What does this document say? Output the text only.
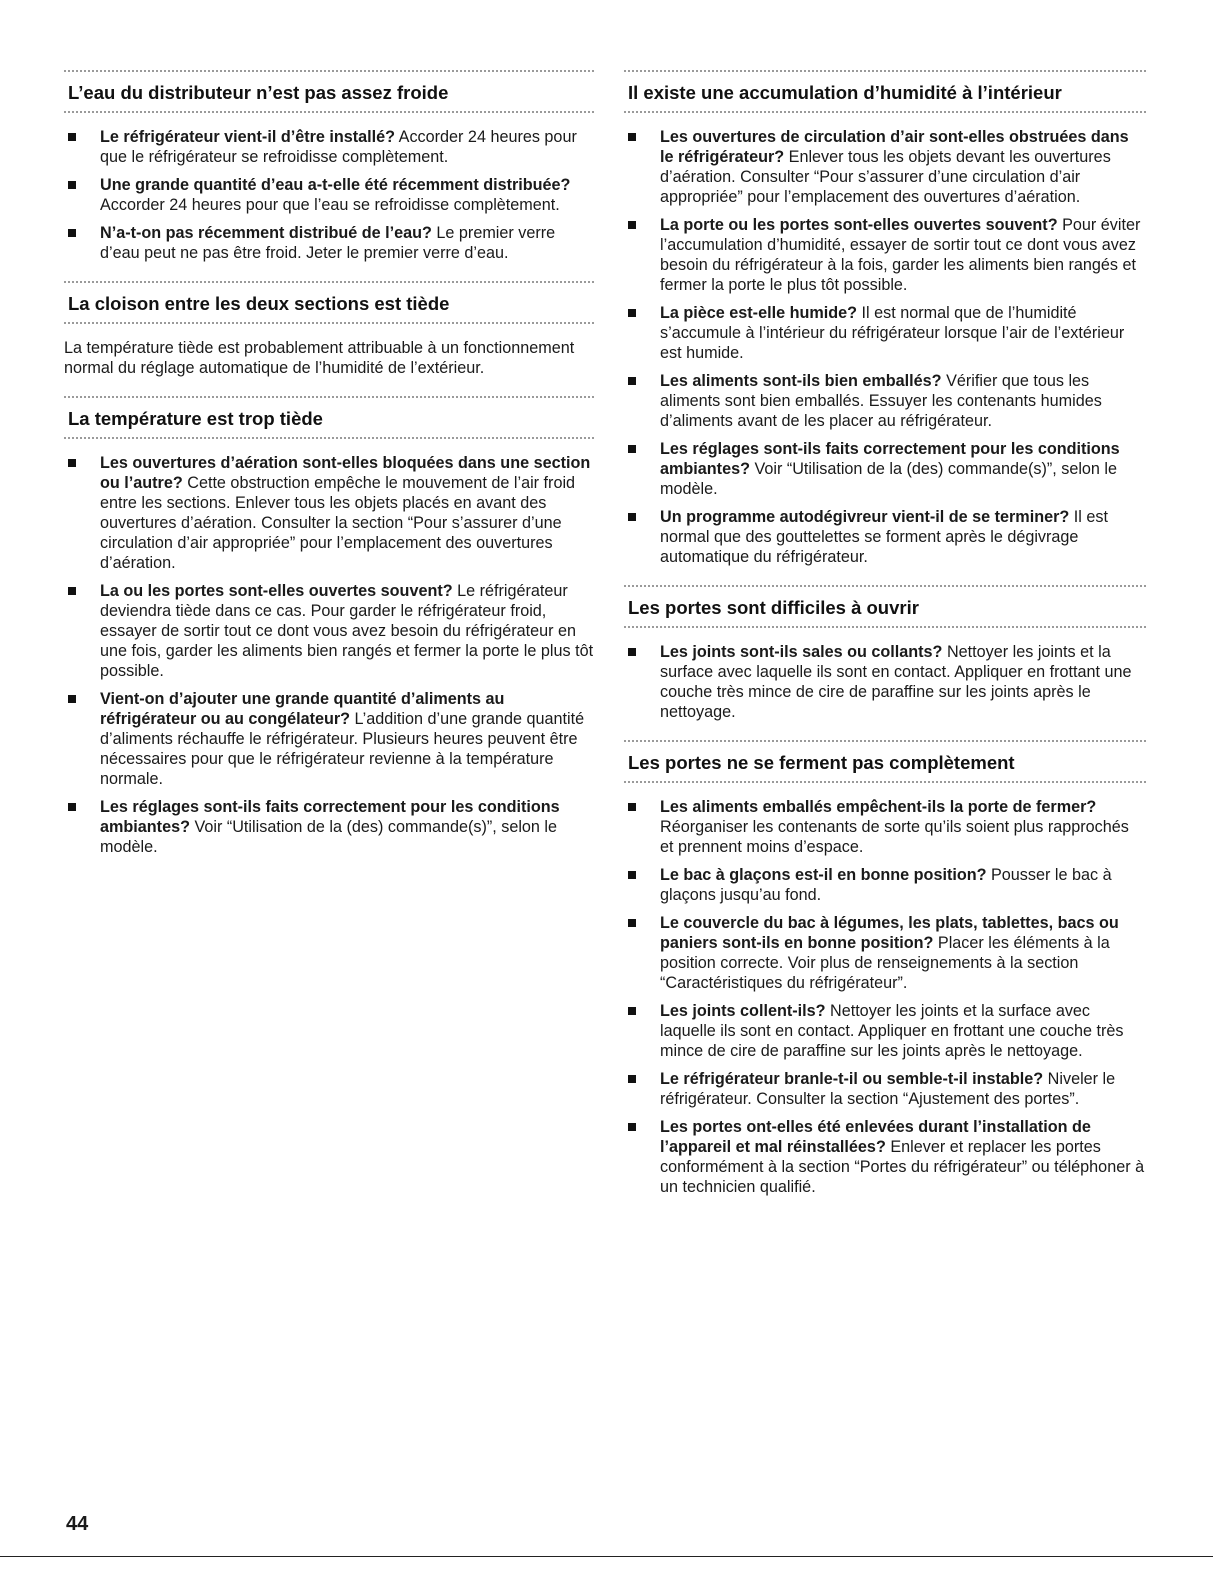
L’eau du distributeur n’est pas assez froide
Le réfrigérateur vient-il d’être installé? Accorder 24 heures pour que le réfrigérateur se refroidisse complètement.
Une grande quantité d’eau a-t-elle été récemment distribuée? Accorder 24 heures pour que l’eau se refroidisse complètement.
N’a-t-on pas récemment distribué de l’eau? Le premier verre d’eau peut ne pas être froid. Jeter le premier verre d’eau.
La cloison entre les deux sections est tiède

La température tiède est probablement attribuable à un fonctionnement normal du réglage automatique de l’humidité de l’extérieur.

La température est trop tiède
Les ouvertures d’aération sont-elles bloquées dans une section ou l’autre? Cette obstruction empêche le mouvement de l’air froid entre les sections. Enlever tous les objets placés en avant des ouvertures d’aération. Consulter la section “Pour s’assurer d’une circulation d’air appropriée” pour l’emplacement des ouvertures d’aération.
La ou les portes sont-elles ouvertes souvent? Le réfrigérateur deviendra tiède dans ce cas. Pour garder le réfrigérateur froid, essayer de sortir tout ce dont vous avez besoin du réfrigérateur en une fois, garder les aliments bien rangés et fermer la porte le plus tôt possible.
Vient-on d’ajouter une grande quantité d’aliments au réfrigérateur ou au congélateur? L’addition d’une grande quantité d’aliments réchauffe le réfrigérateur. Plusieurs heures peuvent être nécessaires pour que le réfrigérateur revienne à la température normale.
Les réglages sont-ils faits correctement pour les conditions ambiantes? Voir “Utilisation de la (des) commande(s)”, selon le modèle.
Il existe une accumulation d’humidité à l’intérieur
Les ouvertures de circulation d’air sont-elles obstruées dans le réfrigérateur? Enlever tous les objets devant les ouvertures d’aération. Consulter “Pour s’assurer d’une circulation d’air appropriée” pour l’emplacement des ouvertures d’aération.
La porte ou les portes sont-elles ouvertes souvent? Pour éviter l’accumulation d’humidité, essayer de sortir tout ce dont vous avez besoin du réfrigérateur à la fois, garder les aliments bien rangés et fermer la porte le plus tôt possible.
La pièce est-elle humide? Il est normal que de l’humidité s’accumule à l’intérieur du réfrigérateur lorsque l’air de l’extérieur est humide.
Les aliments sont-ils bien emballés? Vérifier que tous les aliments sont bien emballés. Essuyer les contenants humides d’aliments avant de les placer au réfrigérateur.
Les réglages sont-ils faits correctement pour les conditions ambiantes? Voir “Utilisation de la (des) commande(s)”, selon le modèle.
Un programme autodégivreur vient-il de se terminer? Il est normal que des gouttelettes se forment après le dégivrage automatique du réfrigérateur.
Les portes sont difficiles à ouvrir
Les joints sont-ils sales ou collants? Nettoyer les joints et la surface avec laquelle ils sont en contact. Appliquer en frottant une couche très mince de cire de paraffine sur les joints après le nettoyage.
Les portes ne se ferment pas complètement
Les aliments emballés empêchent-ils la porte de fermer? Réorganiser les contenants de sorte qu’ils soient plus rapprochés et prennent moins d’espace.
Le bac à glaçons est-il en bonne position? Pousser le bac à glaçons jusqu’au fond.
Le couvercle du bac à légumes, les plats, tablettes, bacs ou paniers sont-ils en bonne position? Placer les éléments à la position correcte. Voir plus de renseignements à la section “Caractéristiques du réfrigérateur”.
Les joints collent-ils? Nettoyer les joints et la surface avec laquelle ils sont en contact. Appliquer en frottant une couche très mince de cire de paraffine sur les joints après le nettoyage.
Le réfrigérateur branle-t-il ou semble-t-il instable? Niveler le réfrigérateur. Consulter la section “Ajustement des portes”.
Les portes ont-elles été enlevées durant l’installation de l’appareil et mal réinstallées? Enlever et replacer les portes conformément à la section “Portes du réfrigérateur” ou téléphoner à un technicien qualifié.
44
